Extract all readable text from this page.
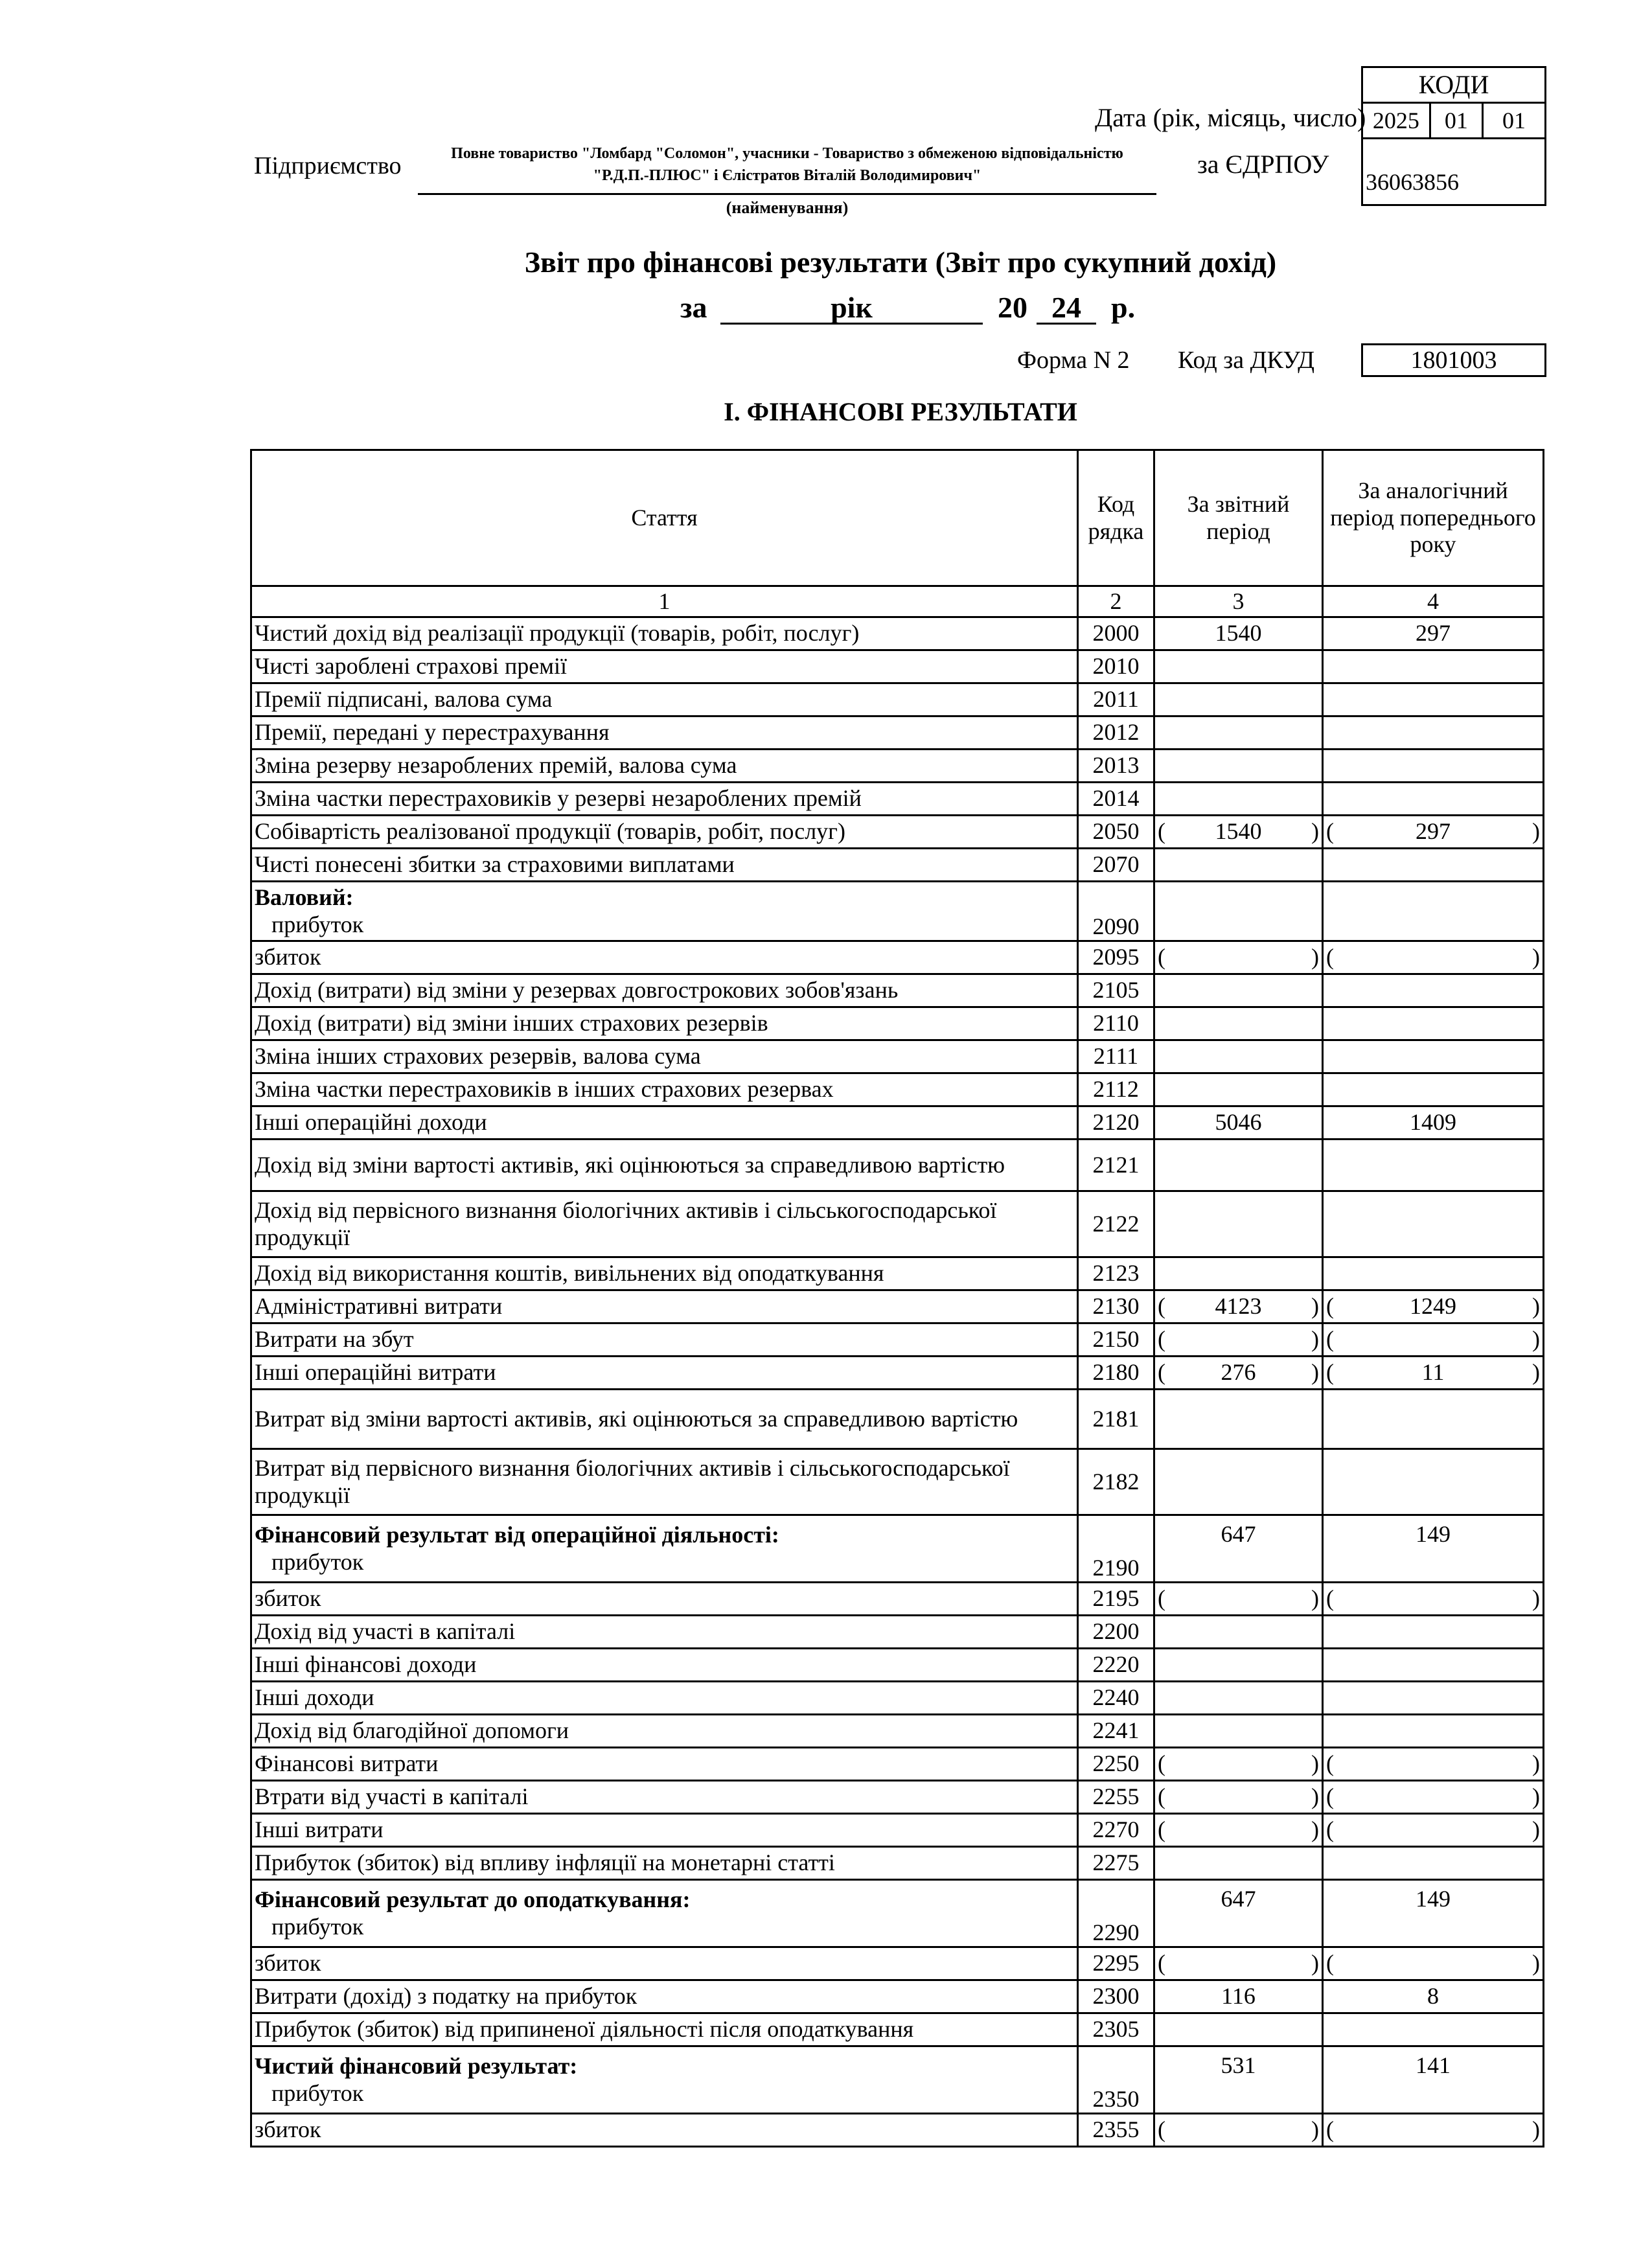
КОДИ
2025	01	01
36063856
Дата (рік, місяць, число)
Підприємство	Повне товариство "Ломбард "Соломон", учасники - Товариство з обмеженою відповідальністю
"Р.Д.П.-ПЛЮС" і Єлістратов Віталій Володимирович"
(найменування)
за ЄДРПОУ
Звіт про фінансові результати (Звіт про сукупний дохід)
за	рік	20 24	р.
Форма N 2 Код за ДКУД	1801003
I. ФІНАНСОВІ РЕЗУЛЬТАТИ
Стаття	Код рядка	За звітний період	За аналогічний період попереднього року
1	2	3	4
Чистий дохід від реалізації продукції (товарів, робіт, послуг)	2000	1540	297
Чисті зароблені страхові премії	2010		
Премії підписані, валова сума	2011		
Премії, передані у перестрахування	2012		
Зміна резерву незароблених премій, валова сума	2013		
Зміна частки перестраховиків у резерві незароблених премій	2014		
Собівартість реалізованої продукції (товарів, робіт, послуг)	2050	( 1540 )	( 297 )

Чисті понесені збитки за страховими виплатами	2070		

Валовий:
прибуток	2090		
збиток	2095	( )	( )

Дохід (витрати) від зміни у резервах довгострокових зобов'язань	2105		
Дохід (витрати) від зміни інших страхових резервів	2110		
Зміна інших страхових резервів, валова сума	2111		
Зміна частки перестраховиків в інших страхових резервах	2112		
Інші операційні доходи	2120	5046	1409
Дохід від зміни вартості активів, які оцінюються за справедливою вартістю	2121		
Дохід від первісного визнання біологічних активів і сільськогосподарської продукції	2122		
Дохід від використання коштів, вивільнених від оподаткування	2123		
Адміністративні витрати	2130	( 4123 )	( 1249 )

Витрати на збут	2150	( )	( )

Інші операційні витрати	2180	( 276 )	( 11 )

Витрат від зміни вартості активів, які оцінюються за справедливою вартістю	2181		
Витрат від первісного визнання біологічних активів і сільськогосподарської продукції	2182		

Фінансовий результат від операційної діяльності:
прибуток	2190	647	149
збиток	2195	( )	( )

Дохід від участі в капіталі	2200		
Інші фінансові доходи	2220		
Інші доходи	2240		
Дохід від благодійної допомоги	2241		
Фінансові витрати	2250	( )	( )

Втрати від участі в капіталі	2255	( )	( )

Інші витрати	2270	( )	( )

Прибуток (збиток) від впливу інфляції на монетарні статті	2275		

Фінансовий результат до оподаткування:
прибуток	2290	647	149
збиток	2295	( )	( )

Витрати (дохід) з податку на прибуток	2300	116	8
Прибуток (збиток) від припиненої діяльності після оподаткування	2305		

Чистий фінансовий результат:
прибуток	2350	531	141
збиток	2355	( )	( )
